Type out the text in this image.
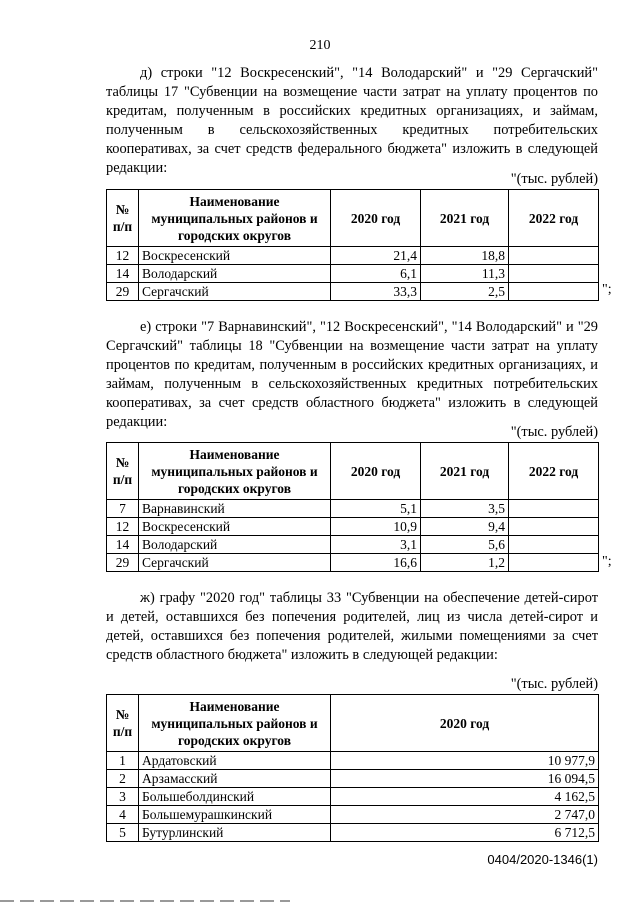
210

д) строки "12 Воскресенский", "14 Володарский" и "29 Сергачский" таблицы 17 "Субвенции на возмещение части затрат на уплату процентов по кредитам, полученным в российских кредитных организациях, и займам, полученным в сельскохозяйственных кредитных потребительских кооперативах, за счет средств федерального бюджета" изложить в следующей редакции:

"(тыс. рублей)
№ п/п	Наименование муниципальных районов и городских округов	2020 год	2021 год	2022 год
12	Воскресенский	21,4	18,8	
14	Володарский	6,1	11,3	
29	Сергачский	33,3	2,5		";

е) строки "7 Варнавинский", "12 Воскресенский", "14 Володарский" и "29 Сергачский" таблицы 18 "Субвенции на возмещение части затрат на уплату процентов по кредитам, полученным в российских кредитных организациях, и займам, полученным в сельскохозяйственных кредитных потребительских кооперативах, за счет средств областного бюджета" изложить в следующей редакции:

"(тыс. рублей)
№ п/п	Наименование муниципальных районов и городских округов	2020 год	2021 год	2022 год
7	Варнавинский	5,1	3,5	
12	Воскресенский	10,9	9,4	
14	Володарский	3,1	5,6	
29	Сергачский	16,6	1,2		";

ж) графу "2020 год" таблицы 33 "Субвенции на обеспечение детей-сирот и детей, оставшихся без попечения родителей, лиц из числа детей-сирот и детей, оставшихся без попечения родителей, жилыми помещениями за счет средств областного бюджета" изложить в следующей редакции:

"(тыс. рублей)
№ п/п	Наименование муниципальных районов и городских округов	2020 год
1	Ардатовский	10 977,9
2	Арзамасский	16 094,5
3	Большеболдинский	4 162,5
4	Большемурашкинский	2 747,0
5	Бутурлинский	6 712,5
0404/2020-1346(1)
